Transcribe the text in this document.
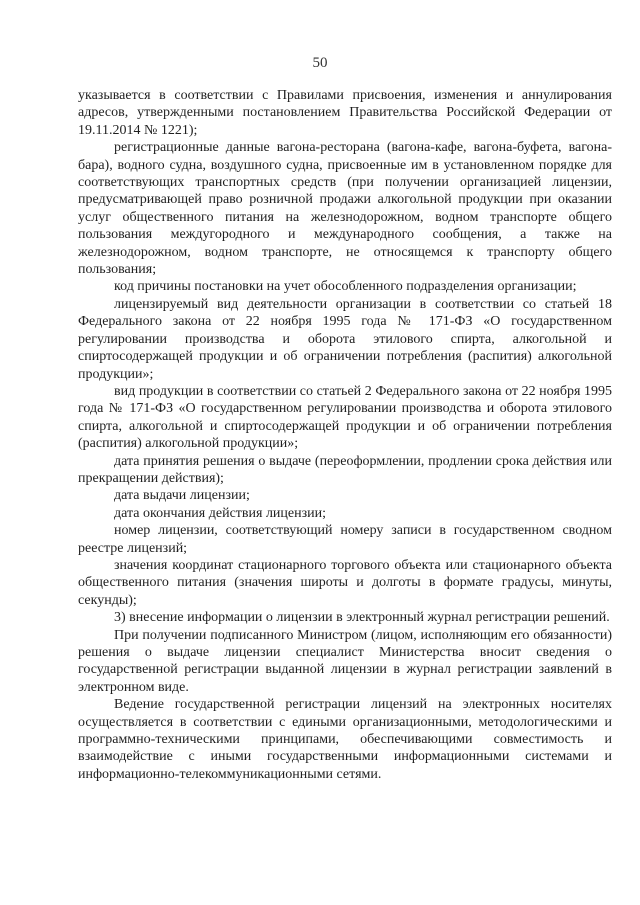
50

указывается в соответствии с Правилами присвоения, изменения и аннулирования адресов, утвержденными постановлением Правительства Российской Федерации от 19.11.2014 № 1221);

регистрационные данные вагона-ресторана (вагона-кафе, вагона-буфета, вагона-бара), водного судна, воздушного судна, присвоенные им в установленном порядке для соответствующих транспортных средств (при получении организацией лицензии, предусматривающей право розничной продажи алкогольной продукции при оказании услуг общественного питания на железнодорожном, водном транспорте общего пользования междугородного и международного сообщения, а также на железнодорожном, водном транспорте, не относящемся к транспорту общего пользования;

код причины постановки на учет обособленного подразделения организации;

лицензируемый вид деятельности организации в соответствии со статьей 18 Федерального закона от 22 ноября 1995 года № 171-ФЗ «О государственном регулировании производства и оборота этилового спирта, алкогольной и спиртосодержащей продукции и об ограничении потребления (распития) алкогольной продукции»;

вид продукции в соответствии со статьей 2 Федерального закона от 22 ноября 1995 года № 171-ФЗ «О государственном регулировании производства и оборота этилового спирта, алкогольной и спиртосодержащей продукции и об ограничении потребления (распития) алкогольной продукции»;

дата принятия решения о выдаче (переоформлении, продлении срока действия или прекращении действия);

дата выдачи лицензии;

дата окончания действия лицензии;

номер лицензии, соответствующий номеру записи в государственном сводном реестре лицензий;

значения координат стационарного торгового объекта или стационарного объекта общественного питания (значения широты и долготы в формате градусы, минуты, секунды);

3) внесение информации о лицензии в электронный журнал регистрации решений.

При получении подписанного Министром (лицом, исполняющим его обязанности) решения о выдаче лицензии специалист Министерства вносит сведения о государственной регистрации выданной лицензии в журнал регистрации заявлений в электронном виде.

Ведение государственной регистрации лицензий на электронных носителях осуществляется в соответствии с едиными организационными, методологическими и программно-техническими принципами, обеспечивающими совместимость и взаимодействие с иными государственными информационными системами и информационно-телекоммуникационными сетями.
